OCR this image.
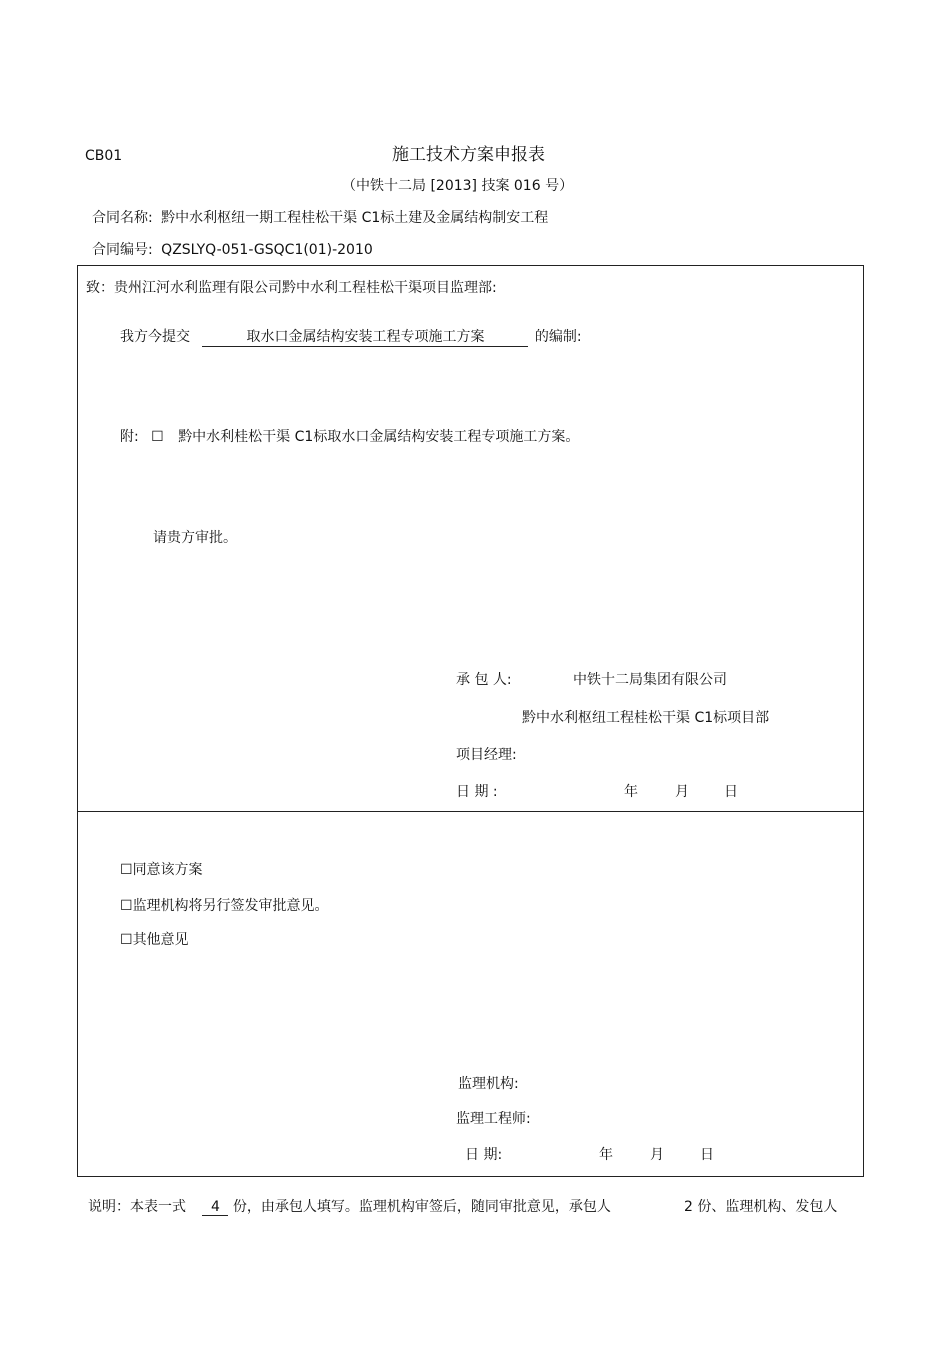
CB01	施工技术方案申报表
（中铁十二局 [2013] 技案 016 号）
合同名称: 黔中水利枢纽一期工程桂松干渠 C1标土建及金属结构制安工程
合同编号: QZSLYQ-051-GSQC1(01)-2010
致：贵州江河水利监理有限公司黔中水利工程桂松干渠项目监理部:
我方今提交	取水口金属结构安装工程专项施工方案	的编制:
附: ☐ 黔中水利桂松干渠 C1标取水口金属结构安装工程专项施工方案。
请贵方审批。
承 包 人:	中铁十二局集团有限公司
黔中水利枢纽工程桂松干渠 C1标项目部
项目经理:
日 期 :	年	月	日
☐同意该方案
☐监理机构将另行签发审批意见。
☐其他意见
监理机构:
监理工程师:
日 期:	年	月	日
说明：本表一式 4 份，由承包人填写。监理机构审签后，随同审批意见，承包人	2 份、监理机构、发包人
